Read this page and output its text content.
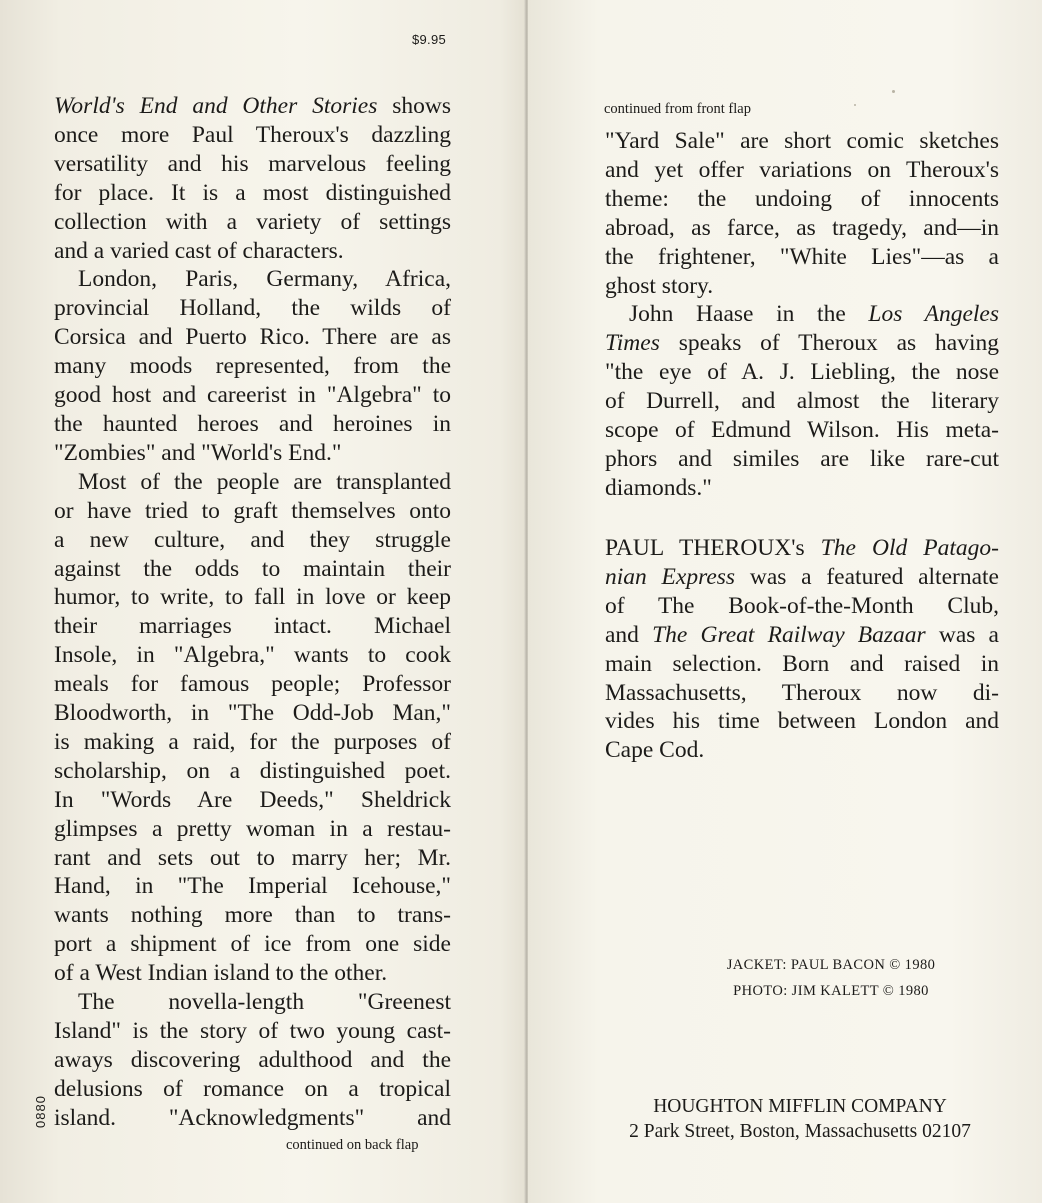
$9.95
World's End and Other Stories shows
once more Paul Theroux's dazzling
versatility and his marvelous feeling
for place. It is a most distinguished
collection with a variety of settings
and a varied cast of characters.
London, Paris, Germany, Africa,
provincial Holland, the wilds of
Corsica and Puerto Rico. There are as
many moods represented, from the
good host and careerist in "Algebra" to
the haunted heroes and heroines in
"Zombies" and "World's End."
Most of the people are transplanted
or have tried to graft themselves onto
a new culture, and they struggle
against the odds to maintain their
humor, to write, to fall in love or keep
their marriages intact. Michael
Insole, in "Algebra," wants to cook
meals for famous people; Professor
Bloodworth, in "The Odd-Job Man,"
is making a raid, for the purposes of
scholarship, on a distinguished poet.
In "Words Are Deeds," Sheldrick
glimpses a pretty woman in a restau-
rant and sets out to marry her; Mr.
Hand, in "The Imperial Icehouse,"
wants nothing more than to trans-
port a shipment of ice from one side
of a West Indian island to the other.
The novella-length "Greenest
Island" is the story of two young cast-
aways discovering adulthood and the
delusions of romance on a tropical
island. "Acknowledgments" and
0880
continued on back flap
continued from front flap
"Yard Sale" are short comic sketches
and yet offer variations on Theroux's
theme: the undoing of innocents
abroad, as farce, as tragedy, and—in
the frightener, "White Lies"—as a
ghost story.
John Haase in the Los Angeles
Times speaks of Theroux as having
"the eye of A. J. Liebling, the nose
of Durrell, and almost the literary
scope of Edmund Wilson. His meta-
phors and similes are like rare-cut
diamonds."
PAUL THEROUX's The Old Patago-
nian Express was a featured alternate
of The Book-of-the-Month Club,
and The Great Railway Bazaar was a
main selection. Born and raised in
Massachusetts, Theroux now di-
vides his time between London and
Cape Cod.
JACKET: PAUL BACON © 1980
PHOTO: JIM KALETT © 1980
HOUGHTON MIFFLIN COMPANY
2 Park Street, Boston, Massachusetts 02107
